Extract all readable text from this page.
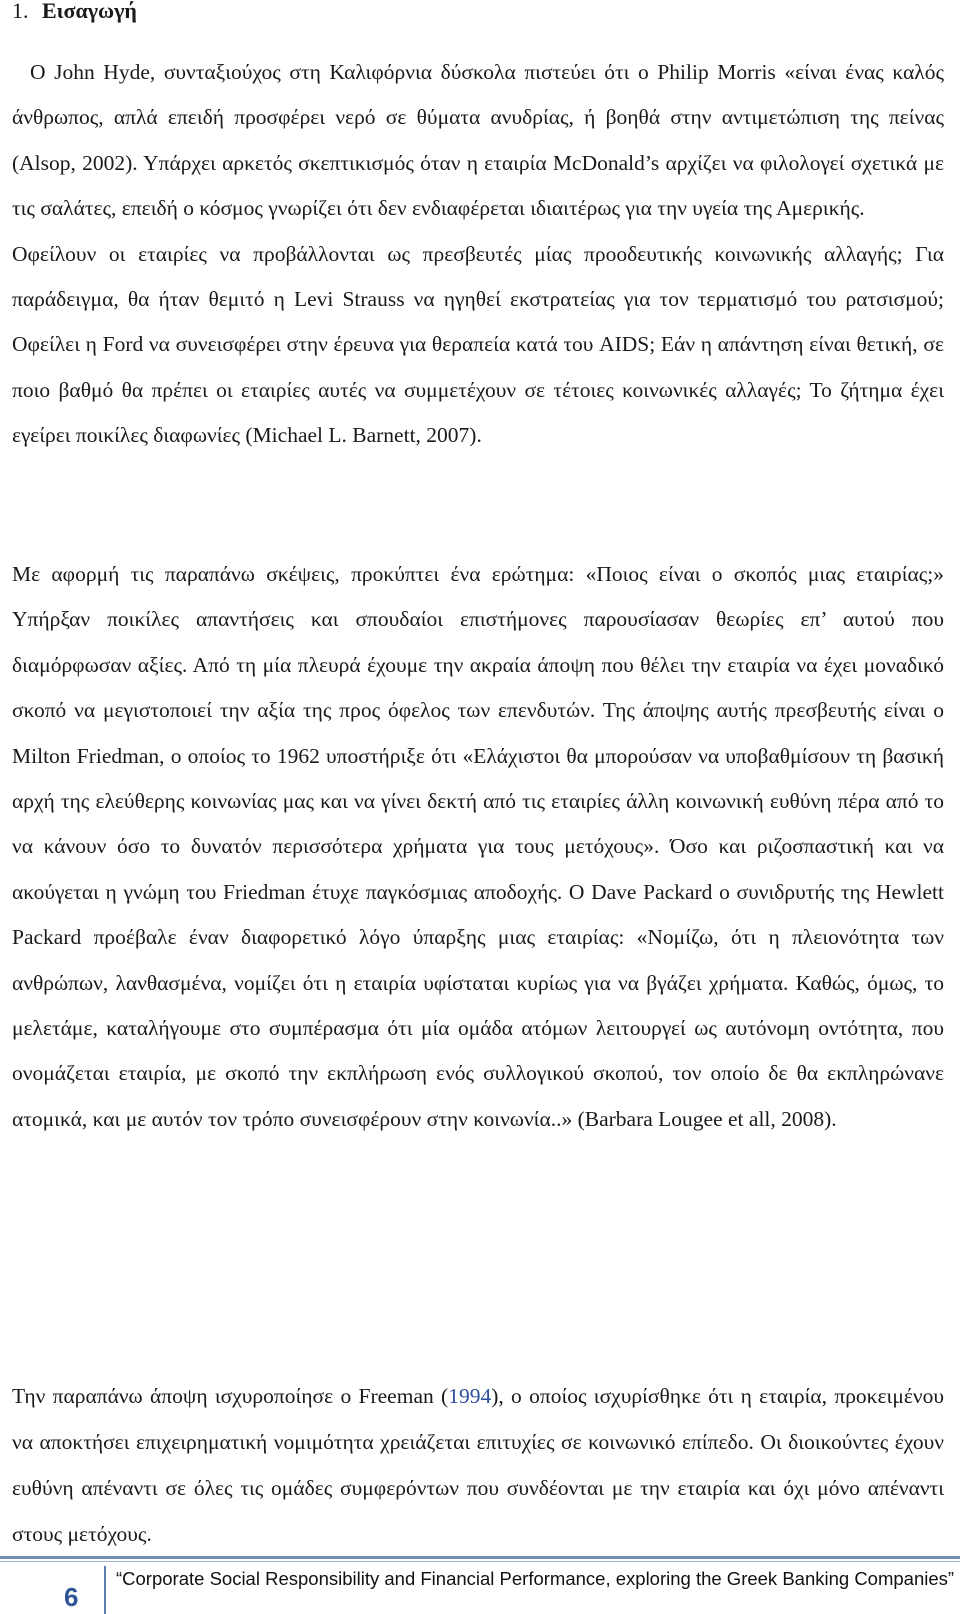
1. Εισαγωγή

Ο John Hyde, συνταξιούχος στη Καλιφόρνια δύσκολα πιστεύει ότι ο Philip Morris «είναι ένας καλός άνθρωπος, απλά επειδή προσφέρει νερό σε θύματα ανυδρίας, ή βοηθά στην αντιμετώπιση της πείνας (Alsop, 2002). Υπάρχει αρκετός σκεπτικισμός όταν η εταιρία McDonald’s αρχίζει να φιλολογεί σχετικά με τις σαλάτες, επειδή ο κόσμος γνωρίζει ότι δεν ενδιαφέρεται ιδιαιτέρως για την υγεία της Αμερικής.
Οφείλουν οι εταιρίες να προβάλλονται ως πρεσβευτές μίας προοδευτικής κοινωνικής αλλαγής; Για παράδειγμα, θα ήταν θεμιτό η Levi Strauss να ηγηθεί εκστρατείας για τον τερματισμό του ρατσισμού; Οφείλει η Ford να συνεισφέρει στην έρευνα για θεραπεία κατά του AIDS; Εάν η απάντηση είναι θετική, σε ποιο βαθμό θα πρέπει οι εταιρίες αυτές να συμμετέχουν σε τέτοιες κοινωνικές αλλαγές; Το ζήτημα έχει εγείρει ποικίλες διαφωνίες (Michael L. Barnett, 2007).

Με αφορμή τις παραπάνω σκέψεις, προκύπτει ένα ερώτημα: «Ποιος είναι ο σκοπός μιας εταιρίας;» Υπήρξαν ποικίλες απαντήσεις και σπουδαίοι επιστήμονες παρουσίασαν θεωρίες επ’ αυτού που διαμόρφωσαν αξίες. Από τη μία πλευρά έχουμε την ακραία άποψη που θέλει την εταιρία να έχει μοναδικό σκοπό να μεγιστοποιεί την αξία της προς όφελος των επενδυτών. Της άποψης αυτής πρεσβευτής είναι ο Milton Friedman, ο οποίος το 1962 υποστήριξε ότι «Ελάχιστοι θα μπορούσαν να υποβαθμίσουν τη βασική αρχή της ελεύθερης κοινωνίας μας και να γίνει δεκτή από τις εταιρίες άλλη κοινωνική ευθύνη πέρα από το να κάνουν όσο το δυνατόν περισσότερα χρήματα για τους μετόχους». Όσο και ριζοσπαστική και να ακούγεται η γνώμη του Friedman έτυχε παγκόσμιας αποδοχής. Ο Dave Packard ο συνιδρυτής της Hewlett Packard προέβαλε έναν διαφορετικό λόγο ύπαρξης μιας εταιρίας: «Νομίζω, ότι η πλειονότητα των ανθρώπων, λανθασμένα, νομίζει ότι η εταιρία υφίσταται κυρίως για να βγάζει χρήματα. Καθώς, όμως, το μελετάμε, καταλήγουμε στο συμπέρασμα ότι μία ομάδα ατόμων λειτουργεί ως αυτόνομη οντότητα, που ονομάζεται εταιρία, με σκοπό την εκπλήρωση ενός συλλογικού σκοπού, τον οποίο δε θα εκπληρώνανε ατομικά, και με αυτόν τον τρόπο συνεισφέρουν στην κοινωνία..» (Barbara Lougee et all, 2008).

Την παραπάνω άποψη ισχυροποίησε ο Freeman (1994), ο οποίος ισχυρίσθηκε ότι η εταιρία, προκειμένου να αποκτήσει επιχειρηματική νομιμότητα χρειάζεται επιτυχίες σε κοινωνικό επίπεδο. Οι διοικούντες έχουν ευθύνη απέναντι σε όλες τις ομάδες συμφερόντων που συνδέονται με την εταιρία και όχι μόνο απέναντι στους μετόχους.

6
“Corporate Social Responsibility and Financial Performance, exploring the Greek Banking Companies”
